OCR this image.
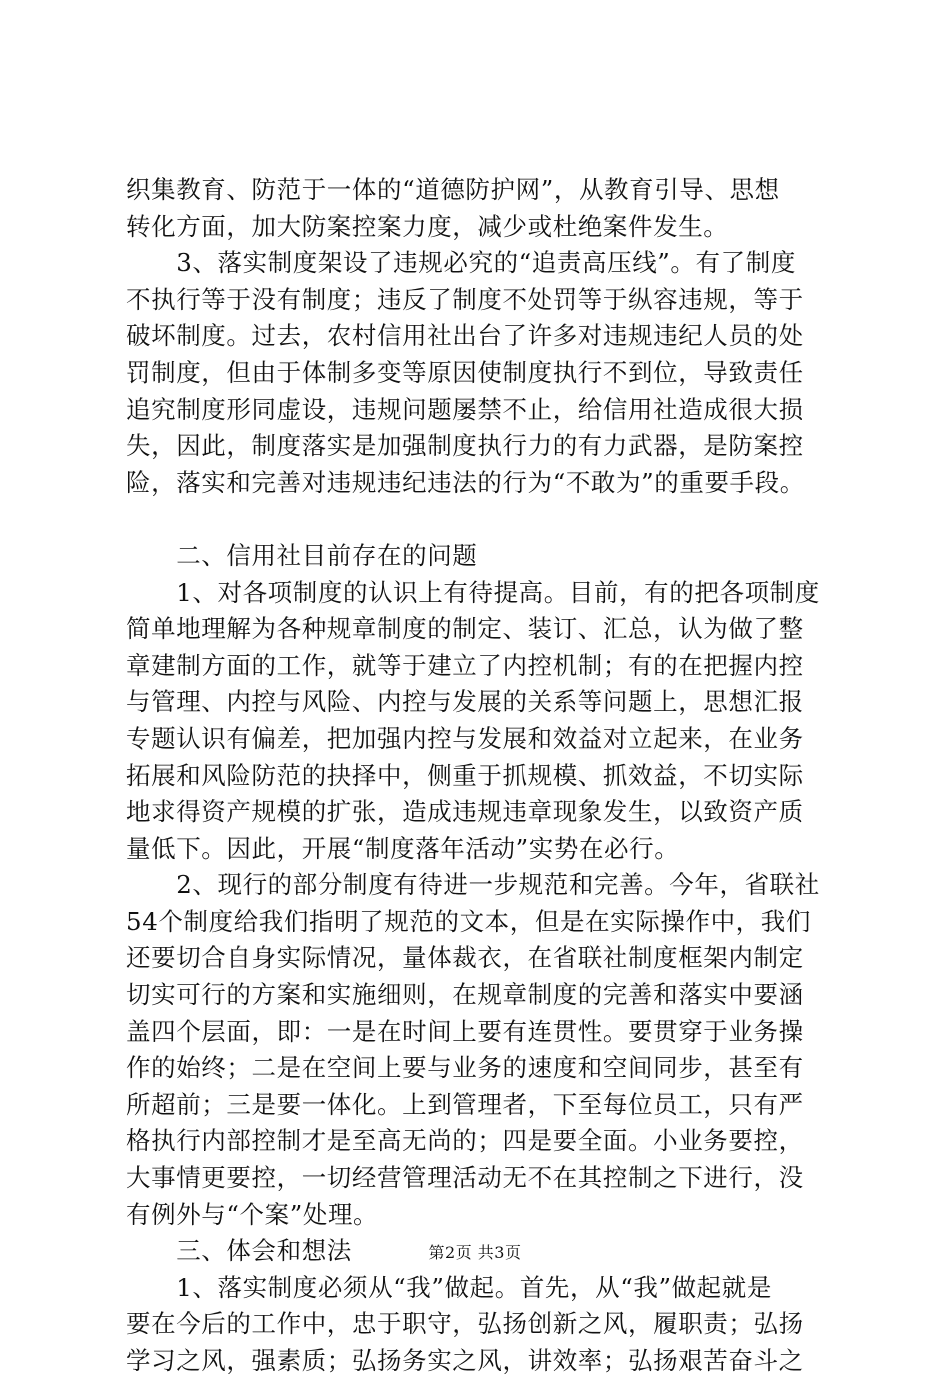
织集教育、防范于一体的“道德防护网”，从教育引导、思想
转化方面，加大防案控案力度，减少或杜绝案件发生。
　　3、落实制度架设了违规必究的“追责高压线”。有了制度
不执行等于没有制度；违反了制度不处罚等于纵容违规，等于
破坏制度。过去，农村信用社出台了许多对违规违纪人员的处
罚制度，但由于体制多变等原因使制度执行不到位，导致责任
追究制度形同虚设，违规问题屡禁不止，给信用社造成很大损
失，因此，制度落实是加强制度执行力的有力武器，是防案控
险，落实和完善对违规违纪违法的行为“不敢为”的重要手段。
　　二、信用社目前存在的问题
　　1、对各项制度的认识上有待提高。目前，有的把各项制度
简单地理解为各种规章制度的制定、装订、汇总，认为做了整
章建制方面的工作，就等于建立了内控机制；有的在把握内控
与管理、内控与风险、内控与发展的关系等问题上，思想汇报
专题认识有偏差，把加强内控与发展和效益对立起来，在业务
拓展和风险防范的抉择中，侧重于抓规模、抓效益，不切实际
地求得资产规模的扩张，造成违规违章现象发生，以致资产质
量低下。因此，开展“制度落年活动”实势在必行。
　　2、现行的部分制度有待进一步规范和完善。今年，省联社
54个制度给我们指明了规范的文本，但是在实际操作中，我们
还要切合自身实际情况，量体裁衣，在省联社制度框架内制定
切实可行的方案和实施细则，在规章制度的完善和落实中要涵
盖四个层面，即：一是在时间上要有连贯性。要贯穿于业务操
作的始终；二是在空间上要与业务的速度和空间同步，甚至有
所超前；三是要一体化。上到管理者，下至每位员工，只有严
格执行内部控制才是至高无尚的；四是要全面。小业务要控，
大事情更要控，一切经营管理活动无不在其控制之下进行，没
有例外与“个案”处理。
　　三、体会和想法
　　1、落实制度必须从“我”做起。首先，从“我”做起就是
要在今后的工作中，忠于职守，弘扬创新之风，履职责；弘扬
学习之风，强素质；弘扬务实之风，讲效率；弘扬艰苦奋斗之
第2页 共3页
